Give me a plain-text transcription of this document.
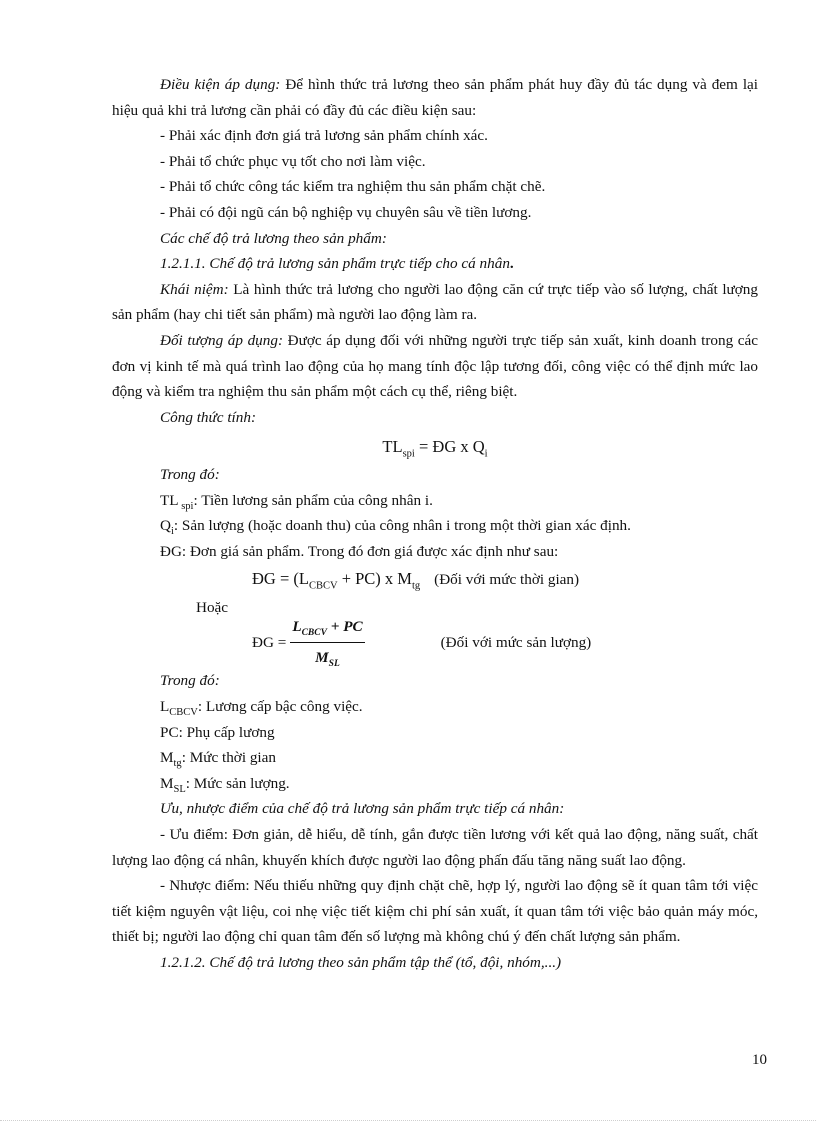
Điều kiện áp dụng: Để hình thức trả lương theo sản phẩm phát huy đầy đủ tác dụng và đem lại hiệu quả khi trả lương cần phải có đầy đủ các điều kiện sau:

- Phải xác định đơn giá trả lương sản phẩm chính xác.

- Phải tổ chức phục vụ tốt cho nơi làm việc.

- Phải tổ chức công tác kiểm tra nghiệm thu sản phẩm chặt chẽ.

- Phải có đội ngũ cán bộ nghiệp vụ chuyên sâu về tiền lương.

Các chế độ trả lương theo sản phẩm:

1.2.1.1. Chế độ trả lương sản phẩm trực tiếp cho cá nhân.

Khái niệm: Là hình thức trả lương cho người lao động căn cứ trực tiếp vào số lượng, chất lượng sản phẩm (hay chi tiết sản phẩm) mà người lao động làm ra.

Đối tượng áp dụng: Được áp dụng đối với những người trực tiếp sản xuất, kinh doanh trong các đơn vị kinh tế mà quá trình lao động của họ mang tính độc lập tương đối, công việc có thể định mức lao động và kiểm tra nghiệm thu sản phẩm một cách cụ thể, riêng biệt.

Công thức tính:

$TL_{spi}$ = ĐG x $Q_i$

Trong đó:

TL $_{spi}$: Tiền lương sản phẩm của công nhân i.

$Q_i$: Sản lượng (hoặc doanh thu) của công nhân i trong một thời gian xác định.

ĐG: Đơn giá sản phẩm. Trong đó đơn giá được xác định như sau:

ĐG = $(L_{CBCV} + PC)$ x $M_{tg}$ (Đối với mức thời gian)

Hoặc

ĐG = $\frac{L_{CBCV} + PC}{M_{SL}}$	(Đối với mức sản lượng)

Trong đó:

$L_{CBCV}$: Lương cấp bậc công việc.

PC: Phụ cấp lương

$M_{tg}$: Mức thời gian

$M_{SL}$: Mức sản lượng.

Ưu, nhược điểm của chế độ trả lương sản phẩm trực tiếp cá nhân:

- Ưu điểm: Đơn giản, dễ hiểu, dễ tính, gắn được tiền lương với kết quả lao động, năng suất, chất lượng lao động cá nhân, khuyến khích được người lao động phấn đấu tăng năng suất lao động.

- Nhược điểm: Nếu thiếu những quy định chặt chẽ, hợp lý, người lao động sẽ ít quan tâm tới việc tiết kiệm nguyên vật liệu, coi nhẹ việc tiết kiệm chi phí sản xuất, ít quan tâm tới việc bảo quản máy móc, thiết bị; người lao động chỉ quan tâm đến số lượng mà không chú ý đến chất lượng sản phẩm.

1.2.1.2. Chế độ trả lương theo sản phẩm tập thể (tổ, đội, nhóm,...)

10
